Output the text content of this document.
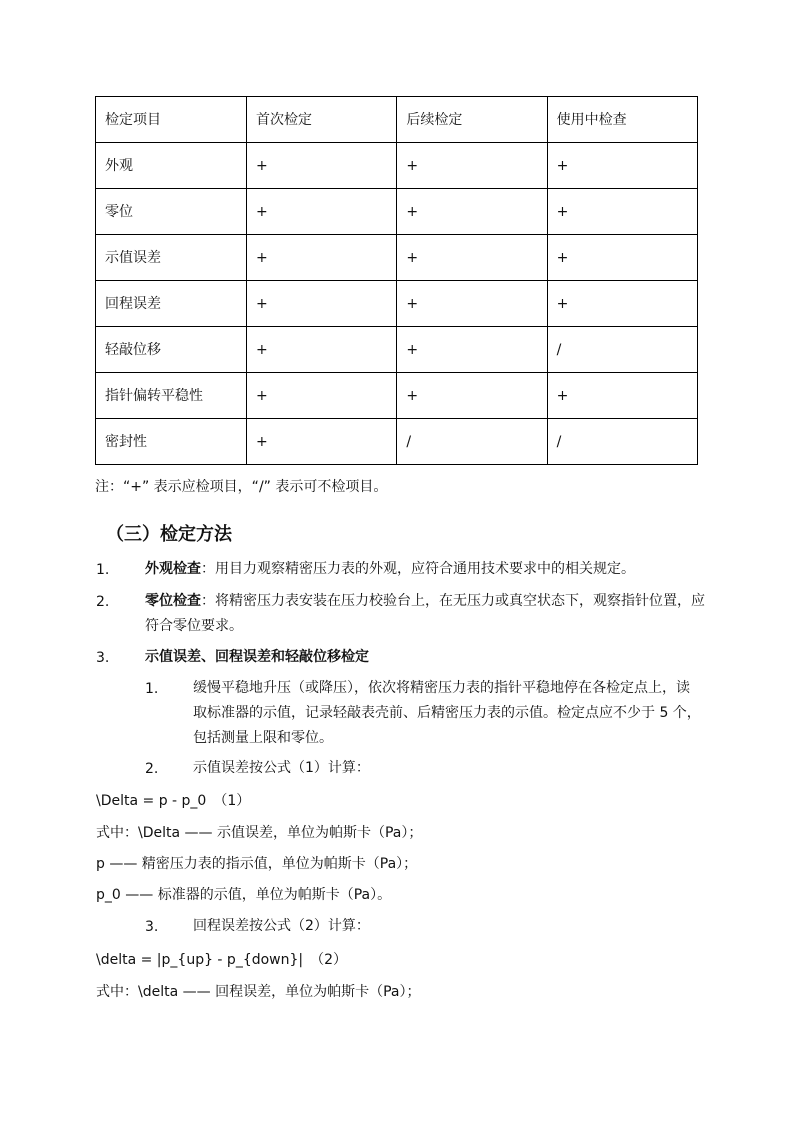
检定项目	首次检定	后续检定	使用中检查
外观	+	+	+
零位	+	+	+
示值误差	+	+	+
回程误差	+	+	+
轻敲位移	+	+	/
指针偏转平稳性	+	+	+
密封性	+	/	/
注：“+” 表示应检项目，“/” 表示可不检项目。
（三）检定方法
1.	外观检查：用目力观察精密压力表的外观，应符合通用技术要求中的相关规定。
2.	零位检查：将精密压力表安装在压力校验台上，在无压力或真空状态下，观察指针位置，应符合零位要求。
3.	示值误差、回程误差和轻敲位移检定
1. 缓慢平稳地升压（或降压），依次将精密压力表的指针平稳地停在各检定点上，读取标准器的示值，记录轻敲表壳前、后精密压力表的示值。检定点应不少于 5 个，包括测量上限和零位。
2. 示值误差按公式（1）计算：
\Delta = p - p_0　（1）
式中：\Delta —— 示值误差，单位为帕斯卡（Pa）；
p —— 精密压力表的指示值，单位为帕斯卡（Pa）；
p_0 —— 标准器的示值，单位为帕斯卡（Pa）。
3. 回程误差按公式（2）计算：
\delta = |p_{up} - p_{down}|　（2）
式中：\delta —— 回程误差，单位为帕斯卡（Pa）；
